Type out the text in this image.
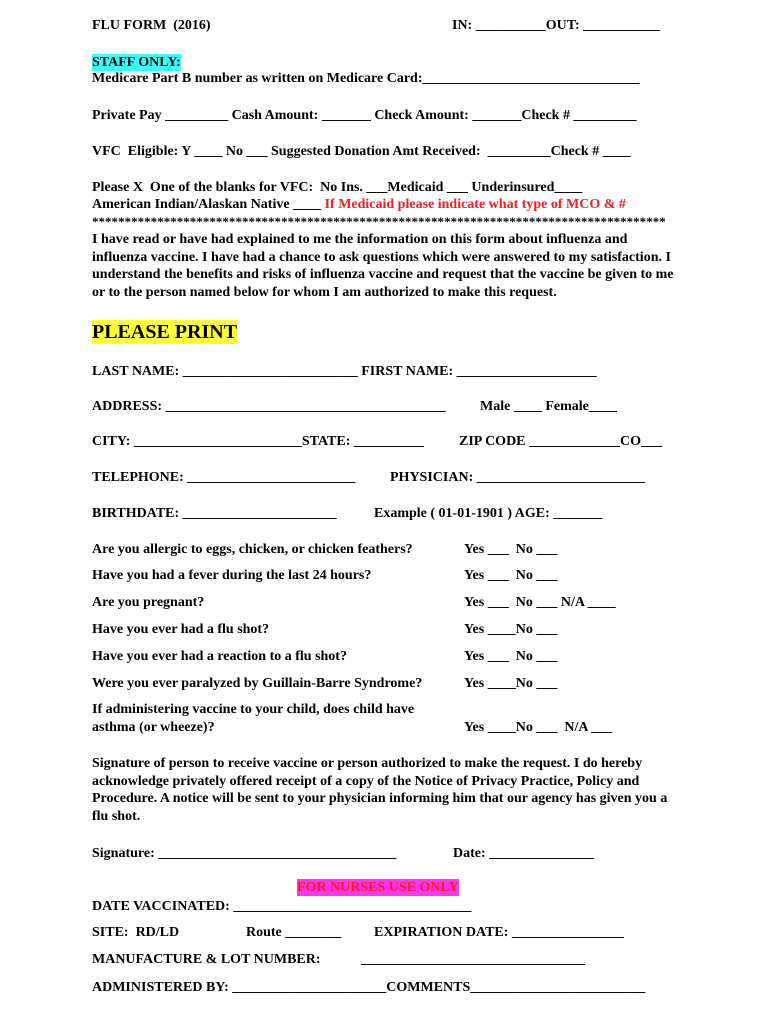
FLU FORM  (2016)	IN: __________OUT: ___________
STAFF ONLY:
Medicare Part B number as written on Medicare Card:_______________________________
Private Pay _________ Cash Amount: _______ Check Amount: _______Check # _________
VFC  Eligible: Y ____ No ___ Suggested Donation Amt Received:  _________Check # ____
Please X  One of the blanks for VFC:  No Ins. ___Medicaid ___ Underinsured____
American Indian/Alaskan Native ____ If Medicaid please indicate what type of MCO & #
****************************************************************************************
I have read or have had explained to me the information on this form about influenza and influenza vaccine. I have had a chance to ask questions which were answered to my satisfaction. I understand the benefits and risks of influenza vaccine and request that the vaccine be given to me or to the person named below for whom I am authorized to make this request.
PLEASE PRINT
LAST NAME: _________________________ FIRST NAME: ____________________
ADDRESS: ________________________________________ Male ____ Female____
CITY: ________________________STATE: __________	ZIP CODE _____________CO___
TELEPHONE: ________________________ PHYSICIAN: ________________________
BIRTHDATE: ______________________	Example ( 01-01-1901 ) AGE: _______
Are you allergic to eggs, chicken, or chicken feathers?	Yes ___  No ___
Have you had a fever during the last 24 hours?	Yes ___  No ___
Are you pregnant?	Yes ___  No ___ N/A ____
Have you ever had a flu shot?	Yes ____No ___
Have you ever had a reaction to a flu shot?	Yes ___  No ___
Were you ever paralyzed by Guillain-Barre Syndrome?	Yes ____No ___
If administering vaccine to your child, does child have
asthma (or wheeze)?	Yes ____No ___  N/A ___
Signature of person to receive vaccine or person authorized to make the request. I do hereby acknowledge privately offered receipt of a copy of the Notice of Privacy Practice, Policy and Procedure. A notice will be sent to your physician informing him that our agency has given you a flu shot.
Signature: __________________________________	Date: _______________
FOR NURSES USE ONLY
DATE VACCINATED: __________________________________
SITE:  RD/LD	Route ________ EXPIRATION DATE: ________________
MANUFACTURE & LOT NUMBER:	________________________________
ADMINISTERED BY: ______________________COMMENTS_________________________
